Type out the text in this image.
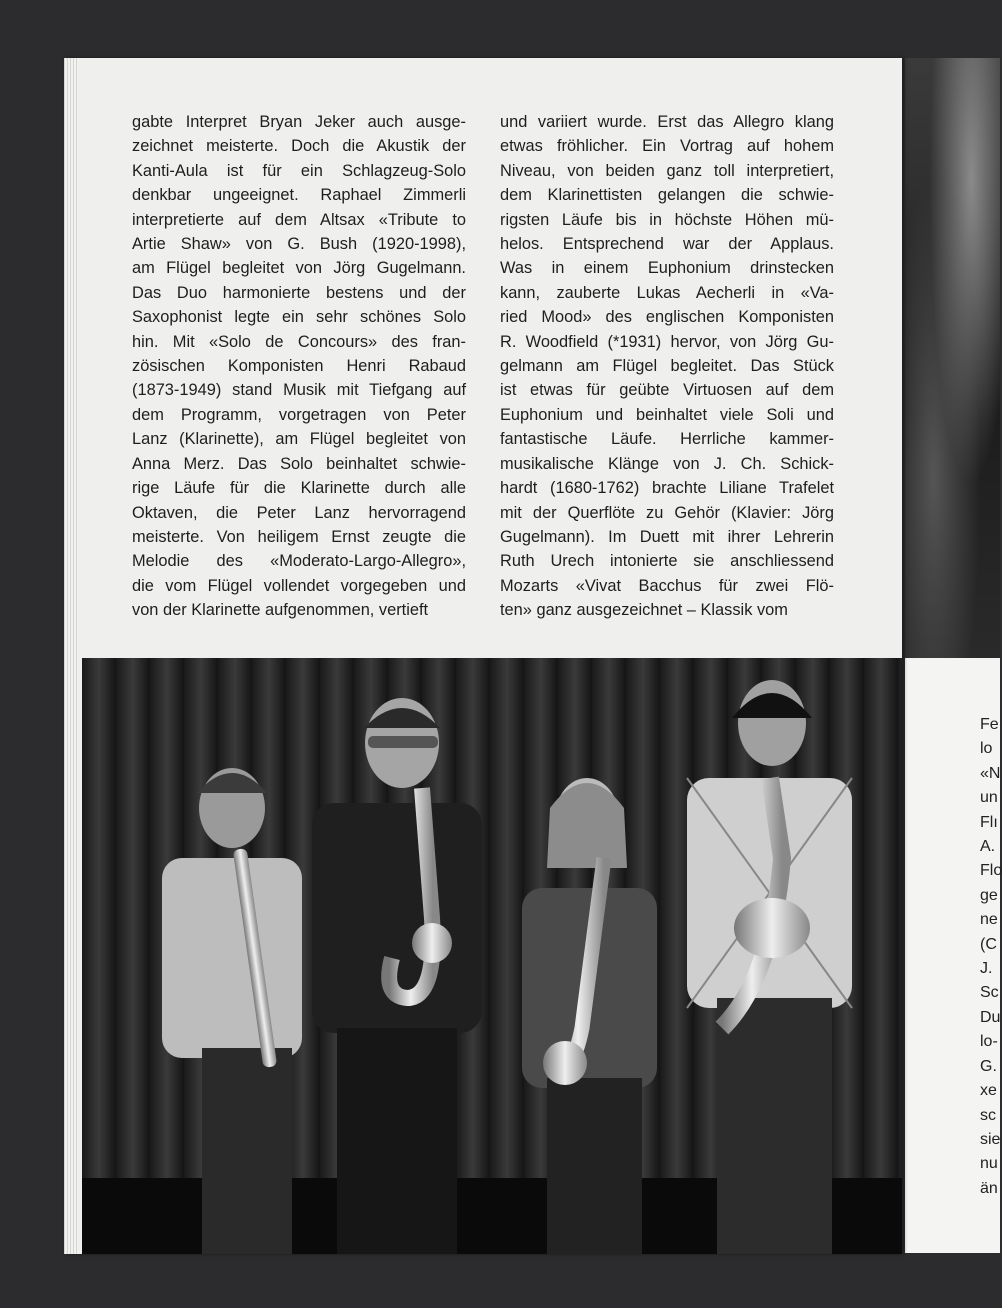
Fe
lo
«N
un
Flı
A.
Flo
ge
ne
(C
J.
Sc
Du
lo-
G.
xe
sc
sie
nu
än
gabte Interpret Bryan Jeker auch ausge-
zeichnet meisterte. Doch die Akustik der
Kanti-Aula ist für ein Schlagzeug-Solo
denkbar ungeeignet. Raphael Zimmerli
interpretierte auf dem Altsax «Tribute to
Artie Shaw» von G. Bush (1920-1998),
am Flügel begleitet von Jörg Gugelmann.
Das Duo harmonierte bestens und der
Saxophonist legte ein sehr schönes Solo
hin. Mit «Solo de Concours» des fran-
zösischen Komponisten Henri Rabaud
(1873-1949) stand Musik mit Tiefgang auf
dem Programm, vorgetragen von Peter
Lanz (Klarinette), am Flügel begleitet von
Anna Merz. Das Solo beinhaltet schwie-
rige Läufe für die Klarinette durch alle
Oktaven, die Peter Lanz hervorragend
meisterte. Von heiligem Ernst zeugte die
Melodie des «Moderato-Largo-Allegro»,
die vom Flügel vollendet vorgegeben und
von der Klarinette aufgenommen, vertieft
und variiert wurde. Erst das Allegro klang
etwas fröhlicher. Ein Vortrag auf hohem
Niveau, von beiden ganz toll interpretiert,
dem Klarinettisten gelangen die schwie-
rigsten Läufe bis in höchste Höhen mü-
helos. Entsprechend war der Applaus.
Was in einem Euphonium drinstecken
kann, zauberte Lukas Aecherli in «Va-
ried Mood» des englischen Komponisten
R. Woodfield (*1931) hervor, von Jörg Gu-
gelmann am Flügel begleitet. Das Stück
ist etwas für geübte Virtuosen auf dem
Euphonium und beinhaltet viele Soli und
fantastische Läufe. Herrliche kammer-
musikalische Klänge von J. Ch. Schick-
hardt (1680-1762) brachte Liliane Trafelet
mit der Querflöte zu Gehör (Klavier: Jörg
Gugelmann). Im Duett mit ihrer Lehrerin
Ruth Urech intonierte sie anschliessend
Mozarts «Vivat Bacchus für zwei Flö-
ten» ganz ausgezeichnet – Klassik vom
